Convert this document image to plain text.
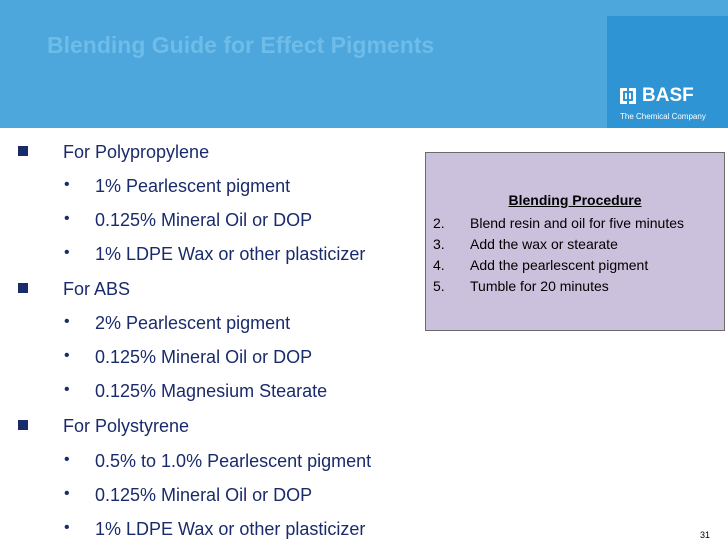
Blending Guide for Effect Pigments
BASF
The Chemical Company
For Polypropylene
• 1% Pearlescent pigment
• 0.125% Mineral Oil or DOP
• 1% LDPE Wax or other plasticizer
For ABS
• 2% Pearlescent pigment
• 0.125% Mineral Oil or DOP
• 0.125% Magnesium Stearate
For Polystyrene
• 0.5% to 1.0% Pearlescent pigment
• 0.125% Mineral Oil or DOP
• 1% LDPE Wax or other plasticizer
Blending Procedure
2. Blend resin and oil for five minutes
3. Add the wax or stearate
4. Add the pearlescent pigment
5. Tumble for 20 minutes
31
